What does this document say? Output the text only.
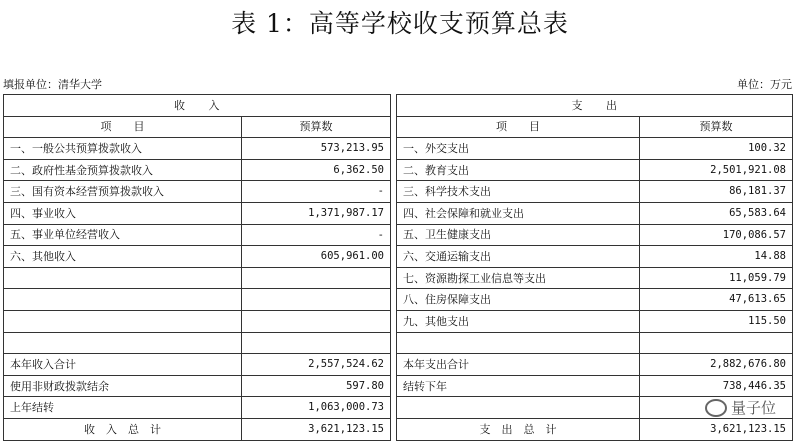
表 1：高等学校收支预算总表
填报单位：清华大学	单位：万元
收　　入			支　　出	
项　　目	预算数		项　　目	预算数
一、一般公共预算拨款收入	573,213.95		一、外交支出	100.32
二、政府性基金预算拨款收入	6,362.50		二、教育支出	2,501,921.08
三、国有资本经营预算拨款收入	-		三、科学技术支出	86,181.37
四、事业收入	1,371,987.17		四、社会保障和就业支出	65,583.64
五、事业单位经营收入	-		五、卫生健康支出	170,086.57
六、其他收入	605,961.00		六、交通运输支出	14.88
			七、资源勘探工业信息等支出	11,059.79
			八、住房保障支出	47,613.65
			九、其他支出	115.50

本年收入合计	2,557,524.62		本年支出合计	2,882,676.80
使用非财政拨款结余	597.80		结转下年	738,446.35
上年结转	1,063,000.73			
收　入　总　计	3,621,123.15		支　出　总　计	3,621,123.15
量子位
